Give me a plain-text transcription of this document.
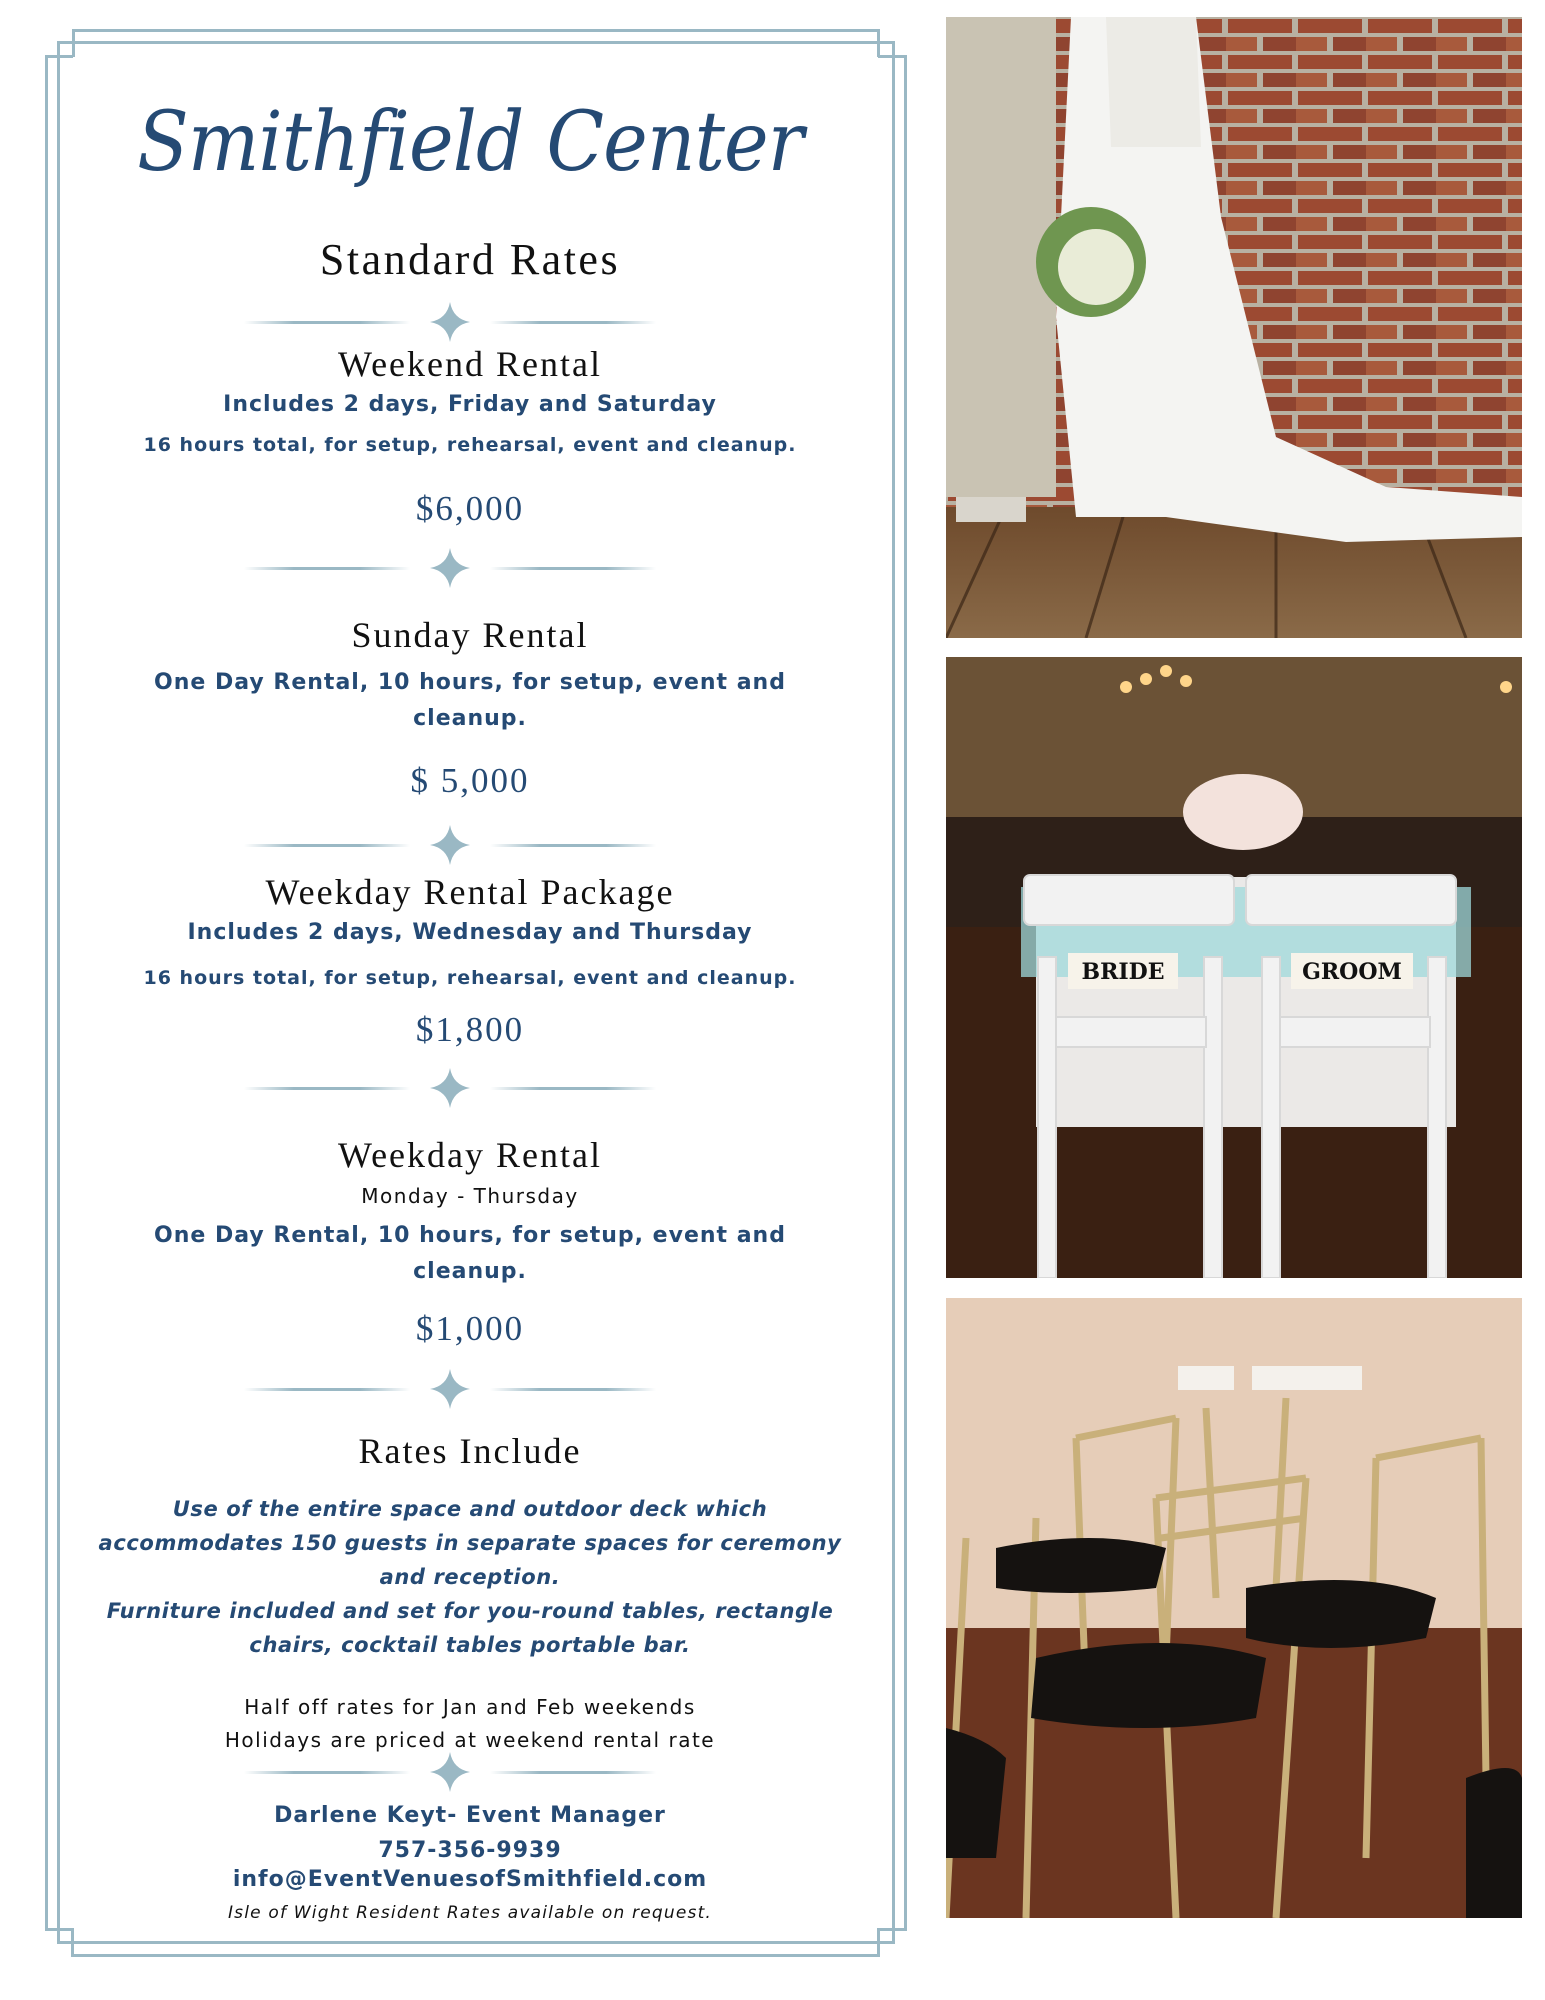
Smithfield Center
Standard Rates
Weekend Rental
Includes 2 days, Friday and Saturday
16 hours total, for setup, rehearsal, event and cleanup.
$6,000
Sunday Rental
One Day Rental, 10 hours, for setup, event and
cleanup.
$ 5,000
Weekday Rental Package
Includes 2 days, Wednesday and Thursday
16 hours total, for setup, rehearsal, event and cleanup.
$1,800
Weekday Rental
Monday - Thursday
One Day Rental, 10 hours, for setup, event and
cleanup.
$1,000
Rates Include
Use of the entire space and outdoor deck which
accommodates 150 guests in separate spaces for ceremony
and reception.
Furniture included and set for you-round tables, rectangle
chairs, cocktail tables portable bar.
Half off rates for Jan and Feb weekends
Holidays are priced at weekend rental rate
Darlene Keyt- Event Manager
757-356-9939
info@EventVenuesofSmithfield.com
Isle of Wight Resident Rates available on request.
BRIDE	GROOM
